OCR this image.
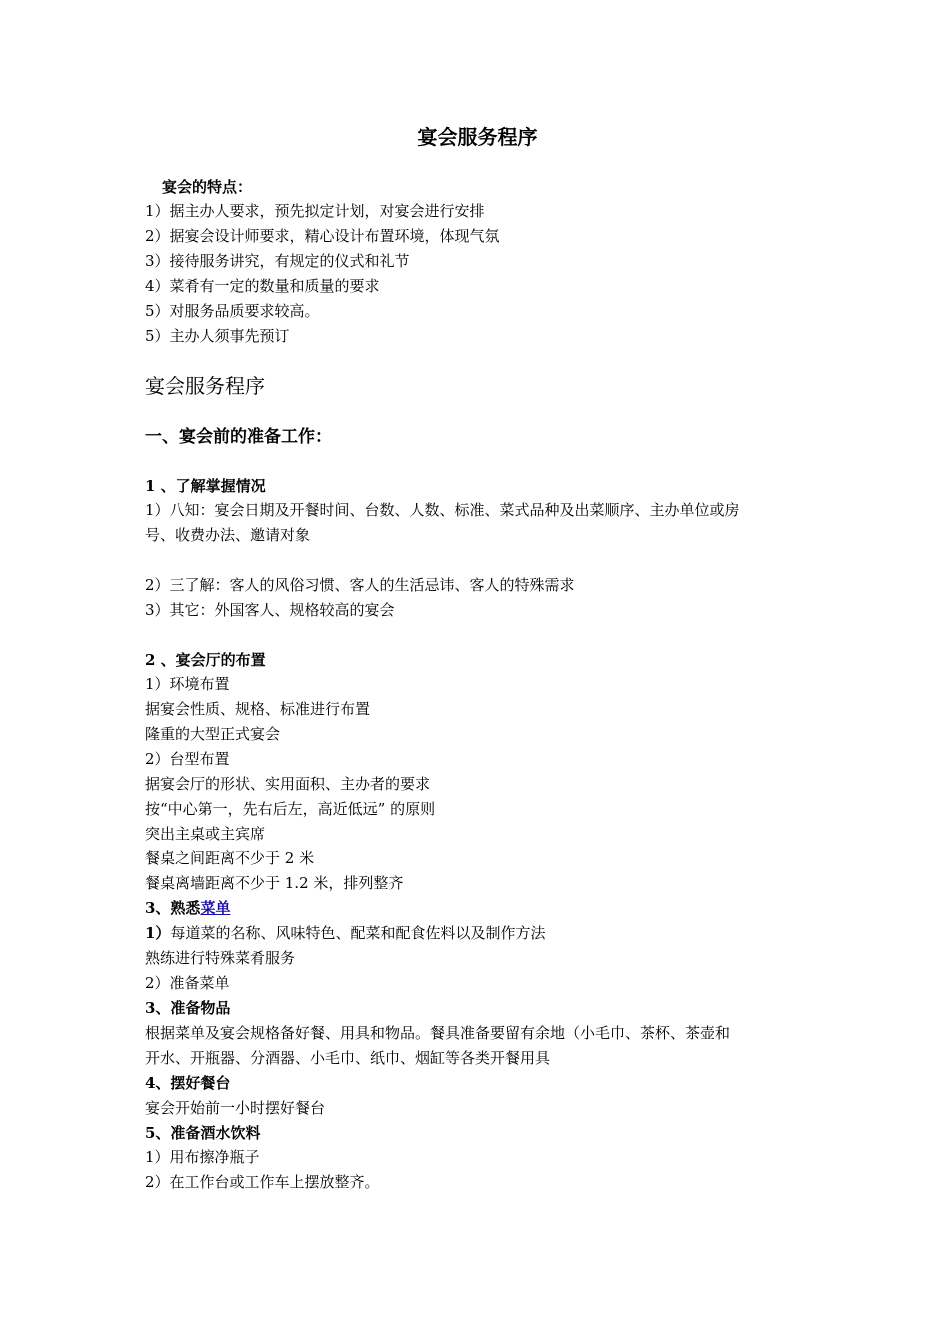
宴会服务程序
宴会的特点：
1）据主办人要求，预先拟定计划，对宴会进行安排
2）据宴会设计师要求，精心设计布置环境，体现气氛
3）接待服务讲究，有规定的仪式和礼节
4）菜肴有一定的数量和质量的要求
5）对服务品质要求较高。
5）主办人须事先预订
宴会服务程序
一、宴会前的准备工作：
1 、了解掌握情况
1）八知：宴会日期及开餐时间、台数、人数、标准、菜式品种及出菜顺序、主办单位或房
号、收费办法、邀请对象
2）三了解：客人的风俗习惯、客人的生活忌讳、客人的特殊需求
3）其它：外国客人、规格较高的宴会
2 、宴会厅的布置
1）环境布置
据宴会性质、规格、标准进行布置
隆重的大型正式宴会
2）台型布置
据宴会厅的形状、实用面积、主办者的要求
按“中心第一，先右后左，高近低远” 的原则
突出主桌或主宾席
餐桌之间距离不少于 2 米
餐桌离墙距离不少于 1.2 米，排列整齐
3、熟悉菜单
1）每道菜的名称、风味特色、配菜和配食佐料以及制作方法
熟练进行特殊菜肴服务
2）准备菜单
3、准备物品
根据菜单及宴会规格备好餐、用具和物品。餐具准备要留有余地（小毛巾、茶杯、茶壶和
开水、开瓶器、分酒器、小毛巾、纸巾、烟缸等各类开餐用具
4、摆好餐台
宴会开始前一小时摆好餐台
5、准备酒水饮料
1）用布擦净瓶子
2）在工作台或工作车上摆放整齐。
